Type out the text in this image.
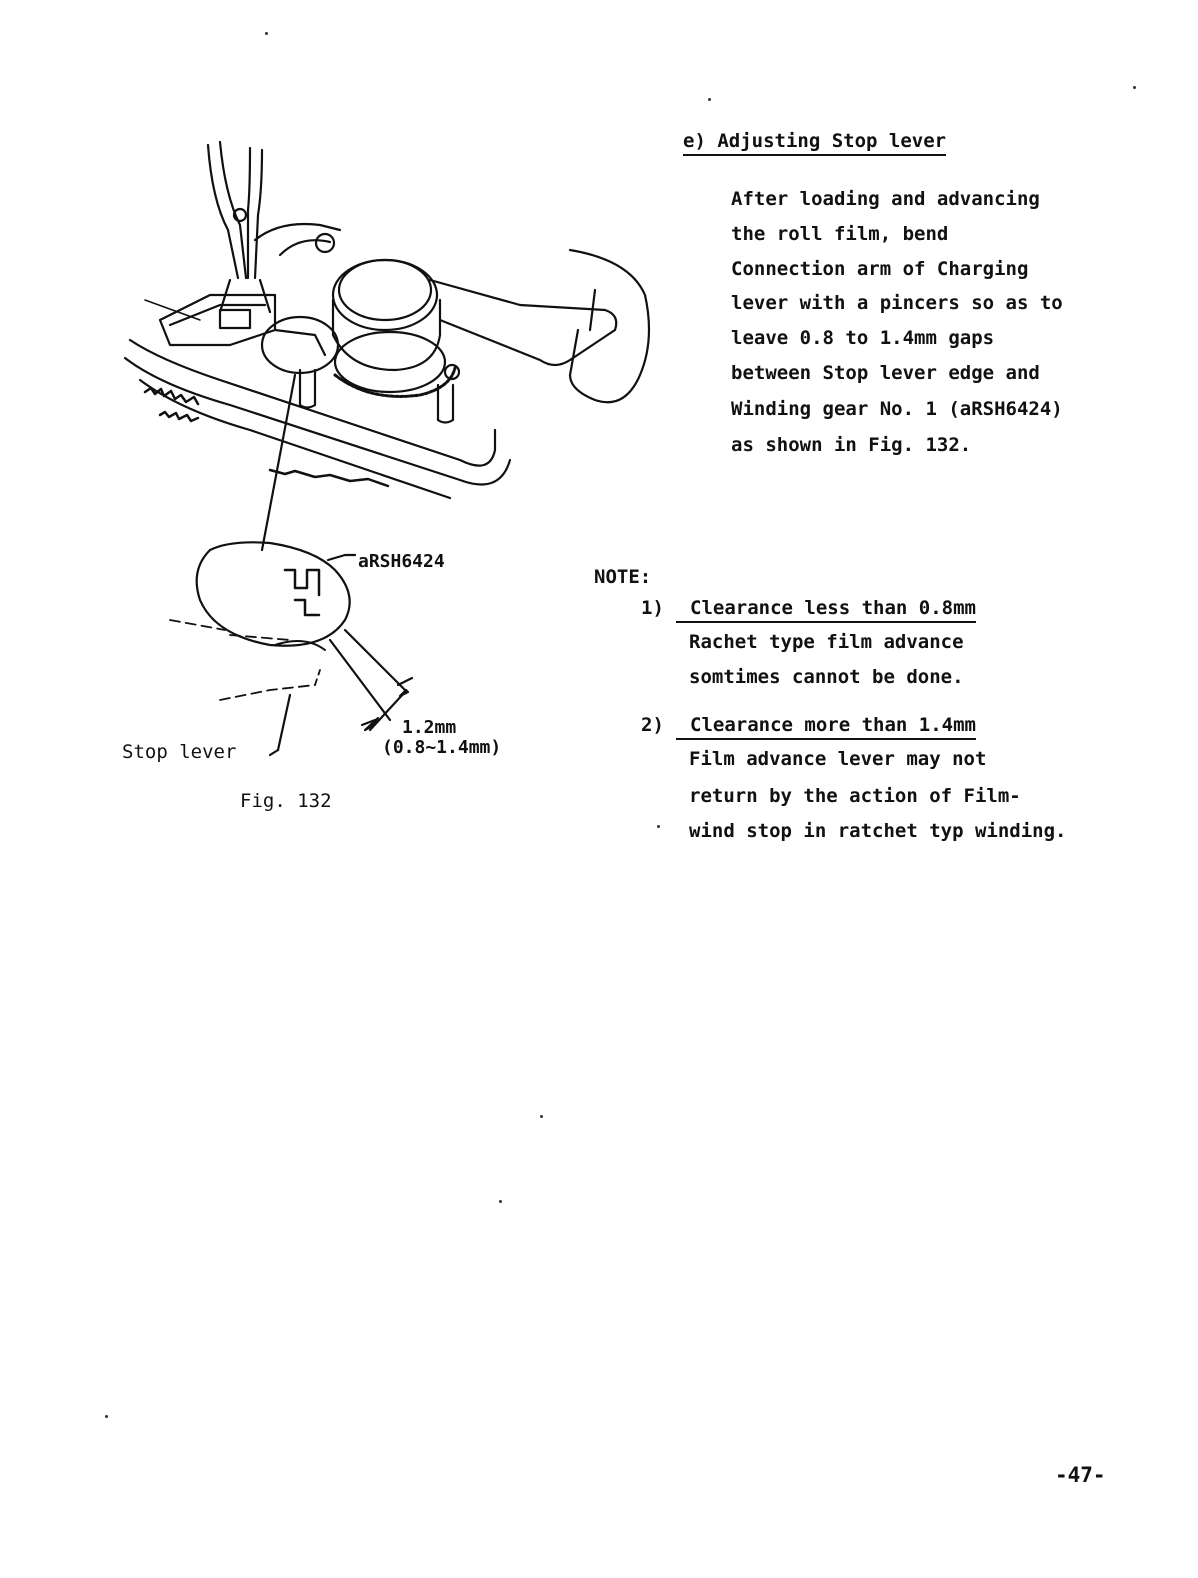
aRSH6424
1.2mm
(0.8~1.4mm)
Stop lever
Fig. 132
e) Adjusting Stop lever
After loading and advancing
the roll film, bend
Connection arm of Charging
lever with a pincers so as to
leave 0.8 to 1.4mm gaps
between Stop lever edge and
Winding gear No. 1 (aRSH6424)
as shown in Fig. 132.
NOTE:
1)	Clearance less than 0.8mm
Rachet type film advance
somtimes cannot be done.
2)	Clearance more than 1.4mm
Film advance lever may not
return by the action of Film-
wind stop in ratchet typ winding.
-47-
